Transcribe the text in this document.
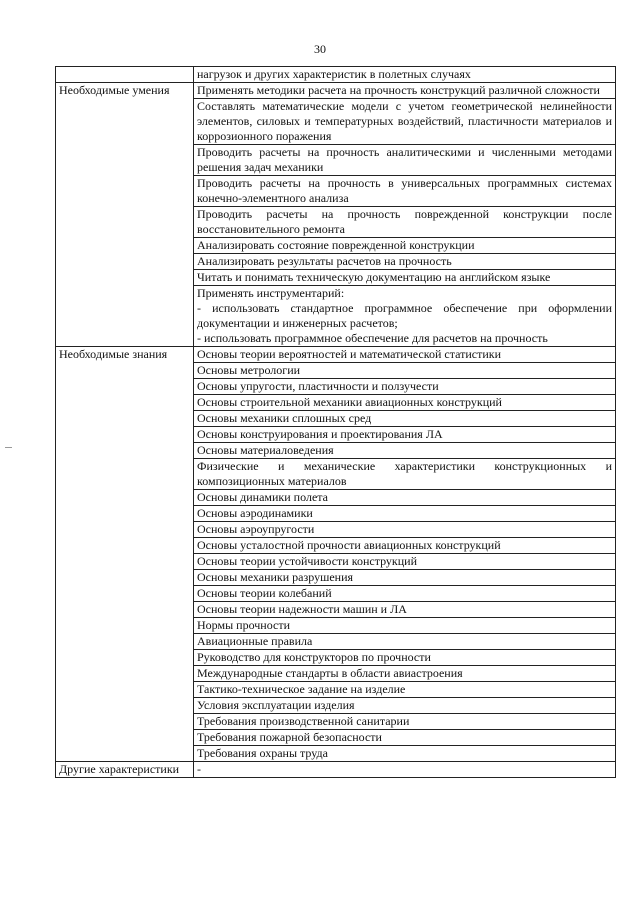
30
	нагрузок и других характеристик в полетных случаях
Необходимые умения	Применять методики расчета на прочность конструкций различной сложности
	Составлять математические модели с учетом геометрической нелинейности элементов, силовых и температурных воздействий, пластичности материалов и коррозионного поражения
	Проводить расчеты на прочность аналитическими и численными методами решения задач механики
	Проводить расчеты на прочность в универсальных программных системах конечно-элементного анализа
	Проводить расчеты на прочность поврежденной конструкции после восстановительного ремонта
	Анализировать состояние поврежденной конструкции
	Анализировать результаты расчетов на прочность
	Читать и понимать техническую документацию на английском языке

	Применять инструментарий:
- использовать стандартное программное обеспечение при оформлении документации и инженерных расчетов;
- использовать программное обеспечение для расчетов на прочность

Необходимые знания	Основы теории вероятностей и математической статистики
	Основы метрологии
	Основы упругости, пластичности и ползучести
	Основы строительной механики авиационных конструкций
	Основы механики сплошных сред
	Основы конструирования и проектирования ЛА
	Основы материаловедения
	Физические и механические характеристики конструкционных и композиционных материалов
	Основы динамики полета
	Основы аэродинамики
	Основы аэроупругости
	Основы усталостной прочности авиационных конструкций
	Основы теории устойчивости конструкций
	Основы механики разрушения
	Основы теории колебаний
	Основы теории надежности машин и ЛА
	Нормы прочности
	Авиационные правила
	Руководство для конструкторов по прочности
	Международные стандарты в области авиастроения
	Тактико-техническое задание на изделие
	Условия эксплуатации изделия
	Требования производственной санитарии
	Требования пожарной безопасности
	Требования охраны труда
Другие характеристики	-
